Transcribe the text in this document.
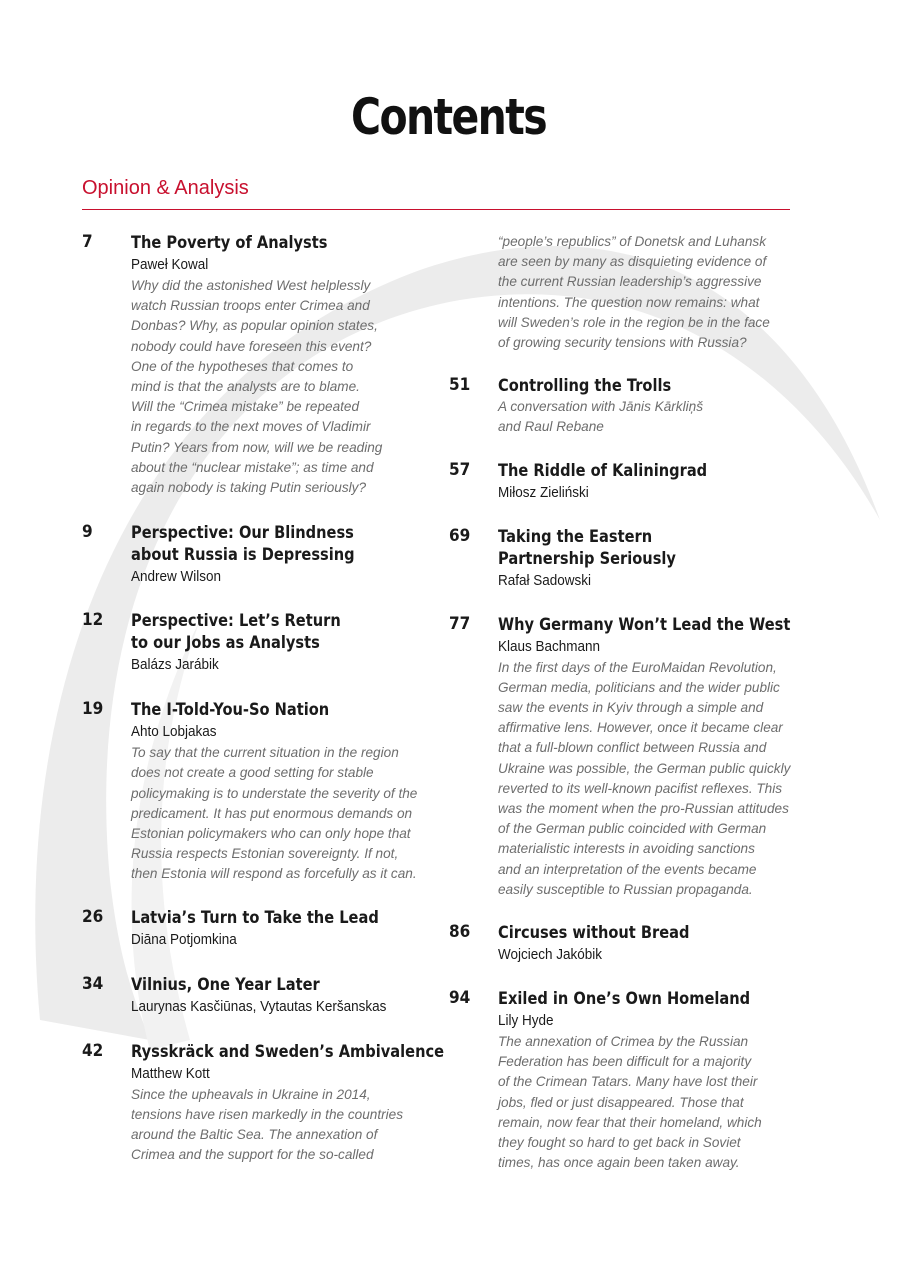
Contents
Opinion & Analysis
7 The Poverty of Analysts
Paweł Kowal
Why did the astonished West helplessly
watch Russian troops enter Crimea and
Donbas? Why, as popular opinion states,
nobody could have foreseen this event?
One of the hypotheses that comes to
mind is that the analysts are to blame.
Will the “Crimea mistake” be repeated
in regards to the next moves of Vladimir
Putin? Years from now, will we be reading
about the “nuclear mistake”; as time and
again nobody is taking Putin seriously?
9 Perspective: Our Blindness
about Russia is Depressing
Andrew Wilson
12 Perspective: Let’s Return
to our Jobs as Analysts
Balázs Jarábik
19 The I-Told-You-So Nation
Ahto Lobjakas
To say that the current situation in the region
does not create a good setting for stable
policymaking is to understate the severity of the
predicament. It has put enormous demands on
Estonian policymakers who can only hope that
Russia respects Estonian sovereignty. If not,
then Estonia will respond as forcefully as it can.
26 Latvia’s Turn to Take the Lead
Diāna Potjomkina
34 Vilnius, One Year Later
Laurynas Kasčiūnas, Vytautas Keršanskas
42 Rysskräck and Sweden’s Ambivalence
Matthew Kott
Since the upheavals in Ukraine in 2014,
tensions have risen markedly in the countries
around the Baltic Sea. The annexation of
Crimea and the support for the so-called
“people’s republics” of Donetsk and Luhansk
are seen by many as disquieting evidence of
the current Russian leadership’s aggressive
intentions. The question now remains: what
will Sweden’s role in the region be in the face
of growing security tensions with Russia?
51 Controlling the Trolls
A conversation with Jānis Kārkliņš
and Raul Rebane
57 The Riddle of Kaliningrad
Miłosz Zieliński
69 Taking the Eastern
Partnership Seriously
Rafał Sadowski
77 Why Germany Won’t Lead the West
Klaus Bachmann
In the first days of the EuroMaidan Revolution,
German media, politicians and the wider public
saw the events in Kyiv through a simple and
affirmative lens. However, once it became clear
that a full-blown conflict between Russia and
Ukraine was possible, the German public quickly
reverted to its well-known pacifist reflexes. This
was the moment when the pro-Russian attitudes
of the German public coincided with German
materialistic interests in avoiding sanctions
and an interpretation of the events became
easily susceptible to Russian propaganda.
86 Circuses without Bread
Wojciech Jakóbik
94 Exiled in One’s Own Homeland
Lily Hyde
The annexation of Crimea by the Russian
Federation has been difficult for a majority
of the Crimean Tatars. Many have lost their
jobs, fled or just disappeared. Those that
remain, now fear that their homeland, which
they fought so hard to get back in Soviet
times, has once again been taken away.
